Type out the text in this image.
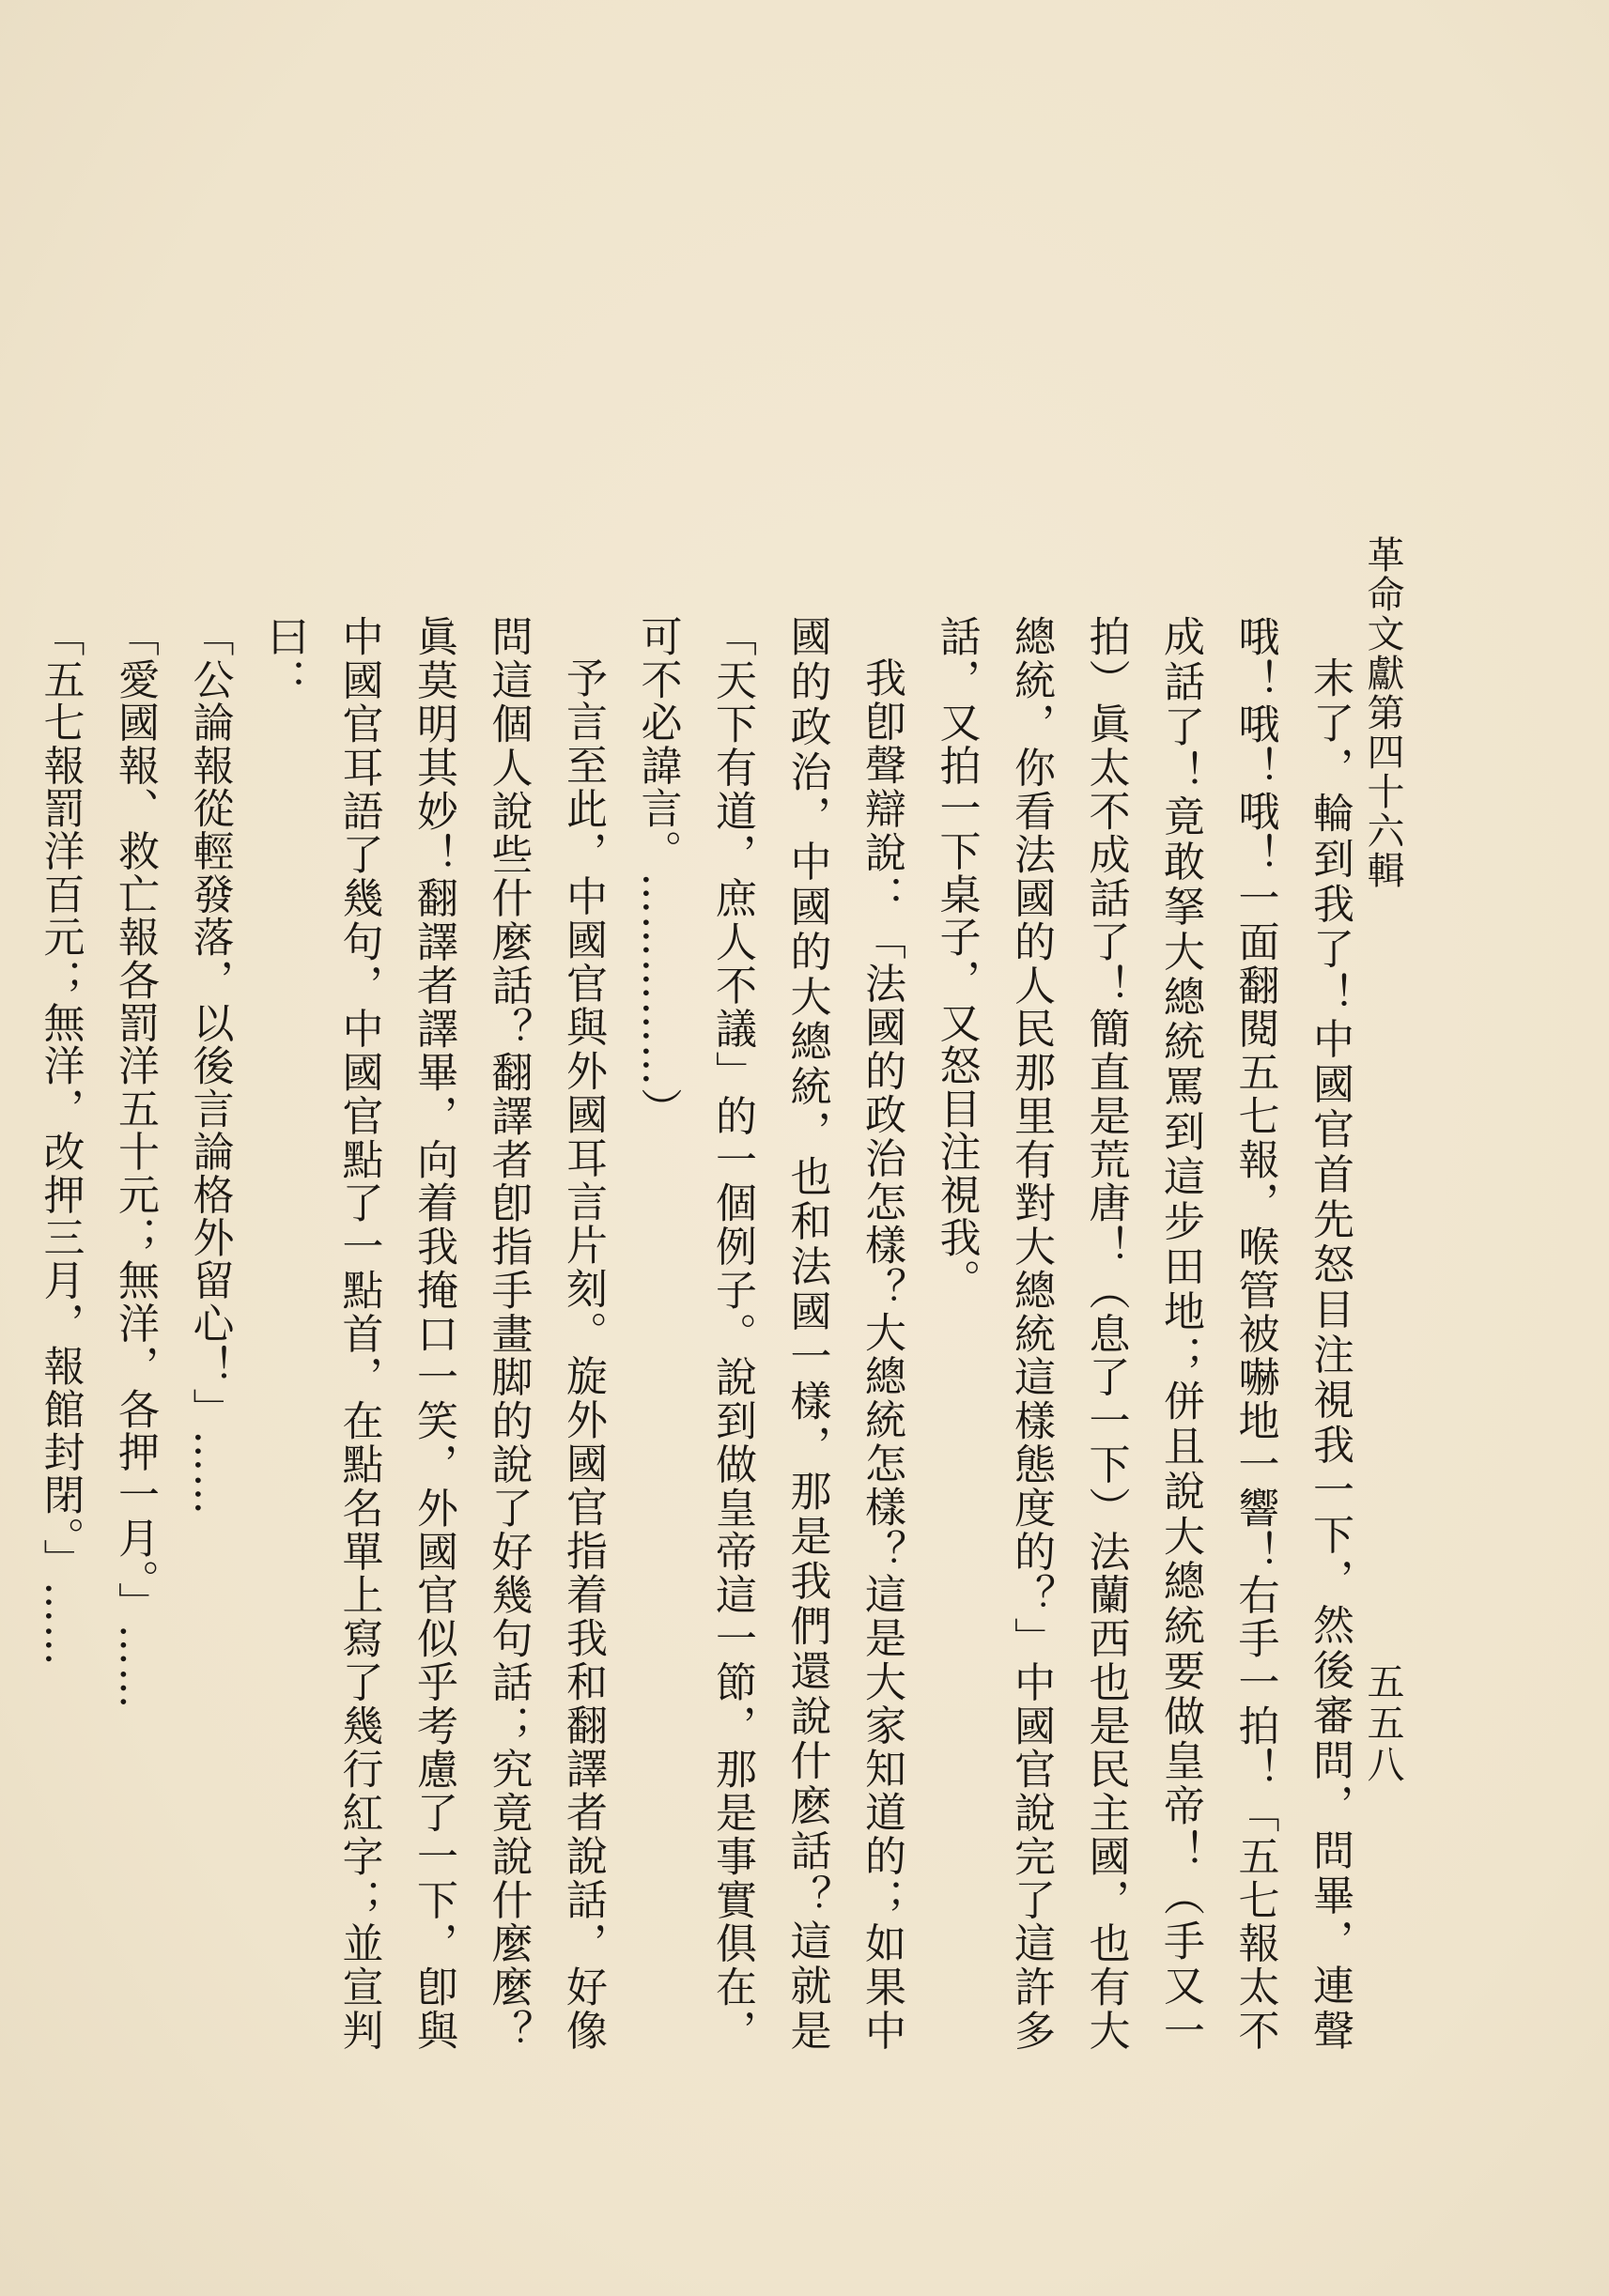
革命文獻第四十六輯
五五八

末了，輪到我了！中國官首先怒目注視我一下，然後審問，問畢，連聲哦！哦！哦！一面翻閱五七報，喉管被嚇地一響！右手一拍！「五七報太不成話了！竟敢拏大總統罵到這步田地；併且說大總統要做皇帝！（手又一拍）眞太不成話了！簡直是荒唐！（息了一下）法蘭西也是民主國，也有大總統，你看法國的人民那里有對大總統這樣態度的？」中國官說完了這許多話，又拍一下桌子，又怒目注視我。

我卽聲辯說：「法國的政治怎樣？大總統怎樣？這是大家知道的；如果中國的政治，中國的大總統，也和法國一樣，那是我們還說什麽話？這就是「天下有道，庶人不議」的一個例子。說到做皇帝這一節，那是事實俱在，可不必諱言。……………）

予言至此，中國官與外國耳言片刻。旋外國官指着我和翻譯者說話，好像問這個人說些什麼話？翻譯者卽指手畫脚的說了好幾句話；究竟說什麼麼？眞莫明其妙！翻譯者譯畢，向着我掩口一笑，外國官似乎考慮了一下，卽與中國官耳語了幾句，中國官點了一點首，在點名單上寫了幾行紅字；並宣判曰：

「公論報從輕發落，以後言論格外留心！」……

「愛國報、救亡報各罰洋五十元；無洋，各押一月。」……

「五七報罰洋百元；無洋，改押三月，報館封閉。」……
